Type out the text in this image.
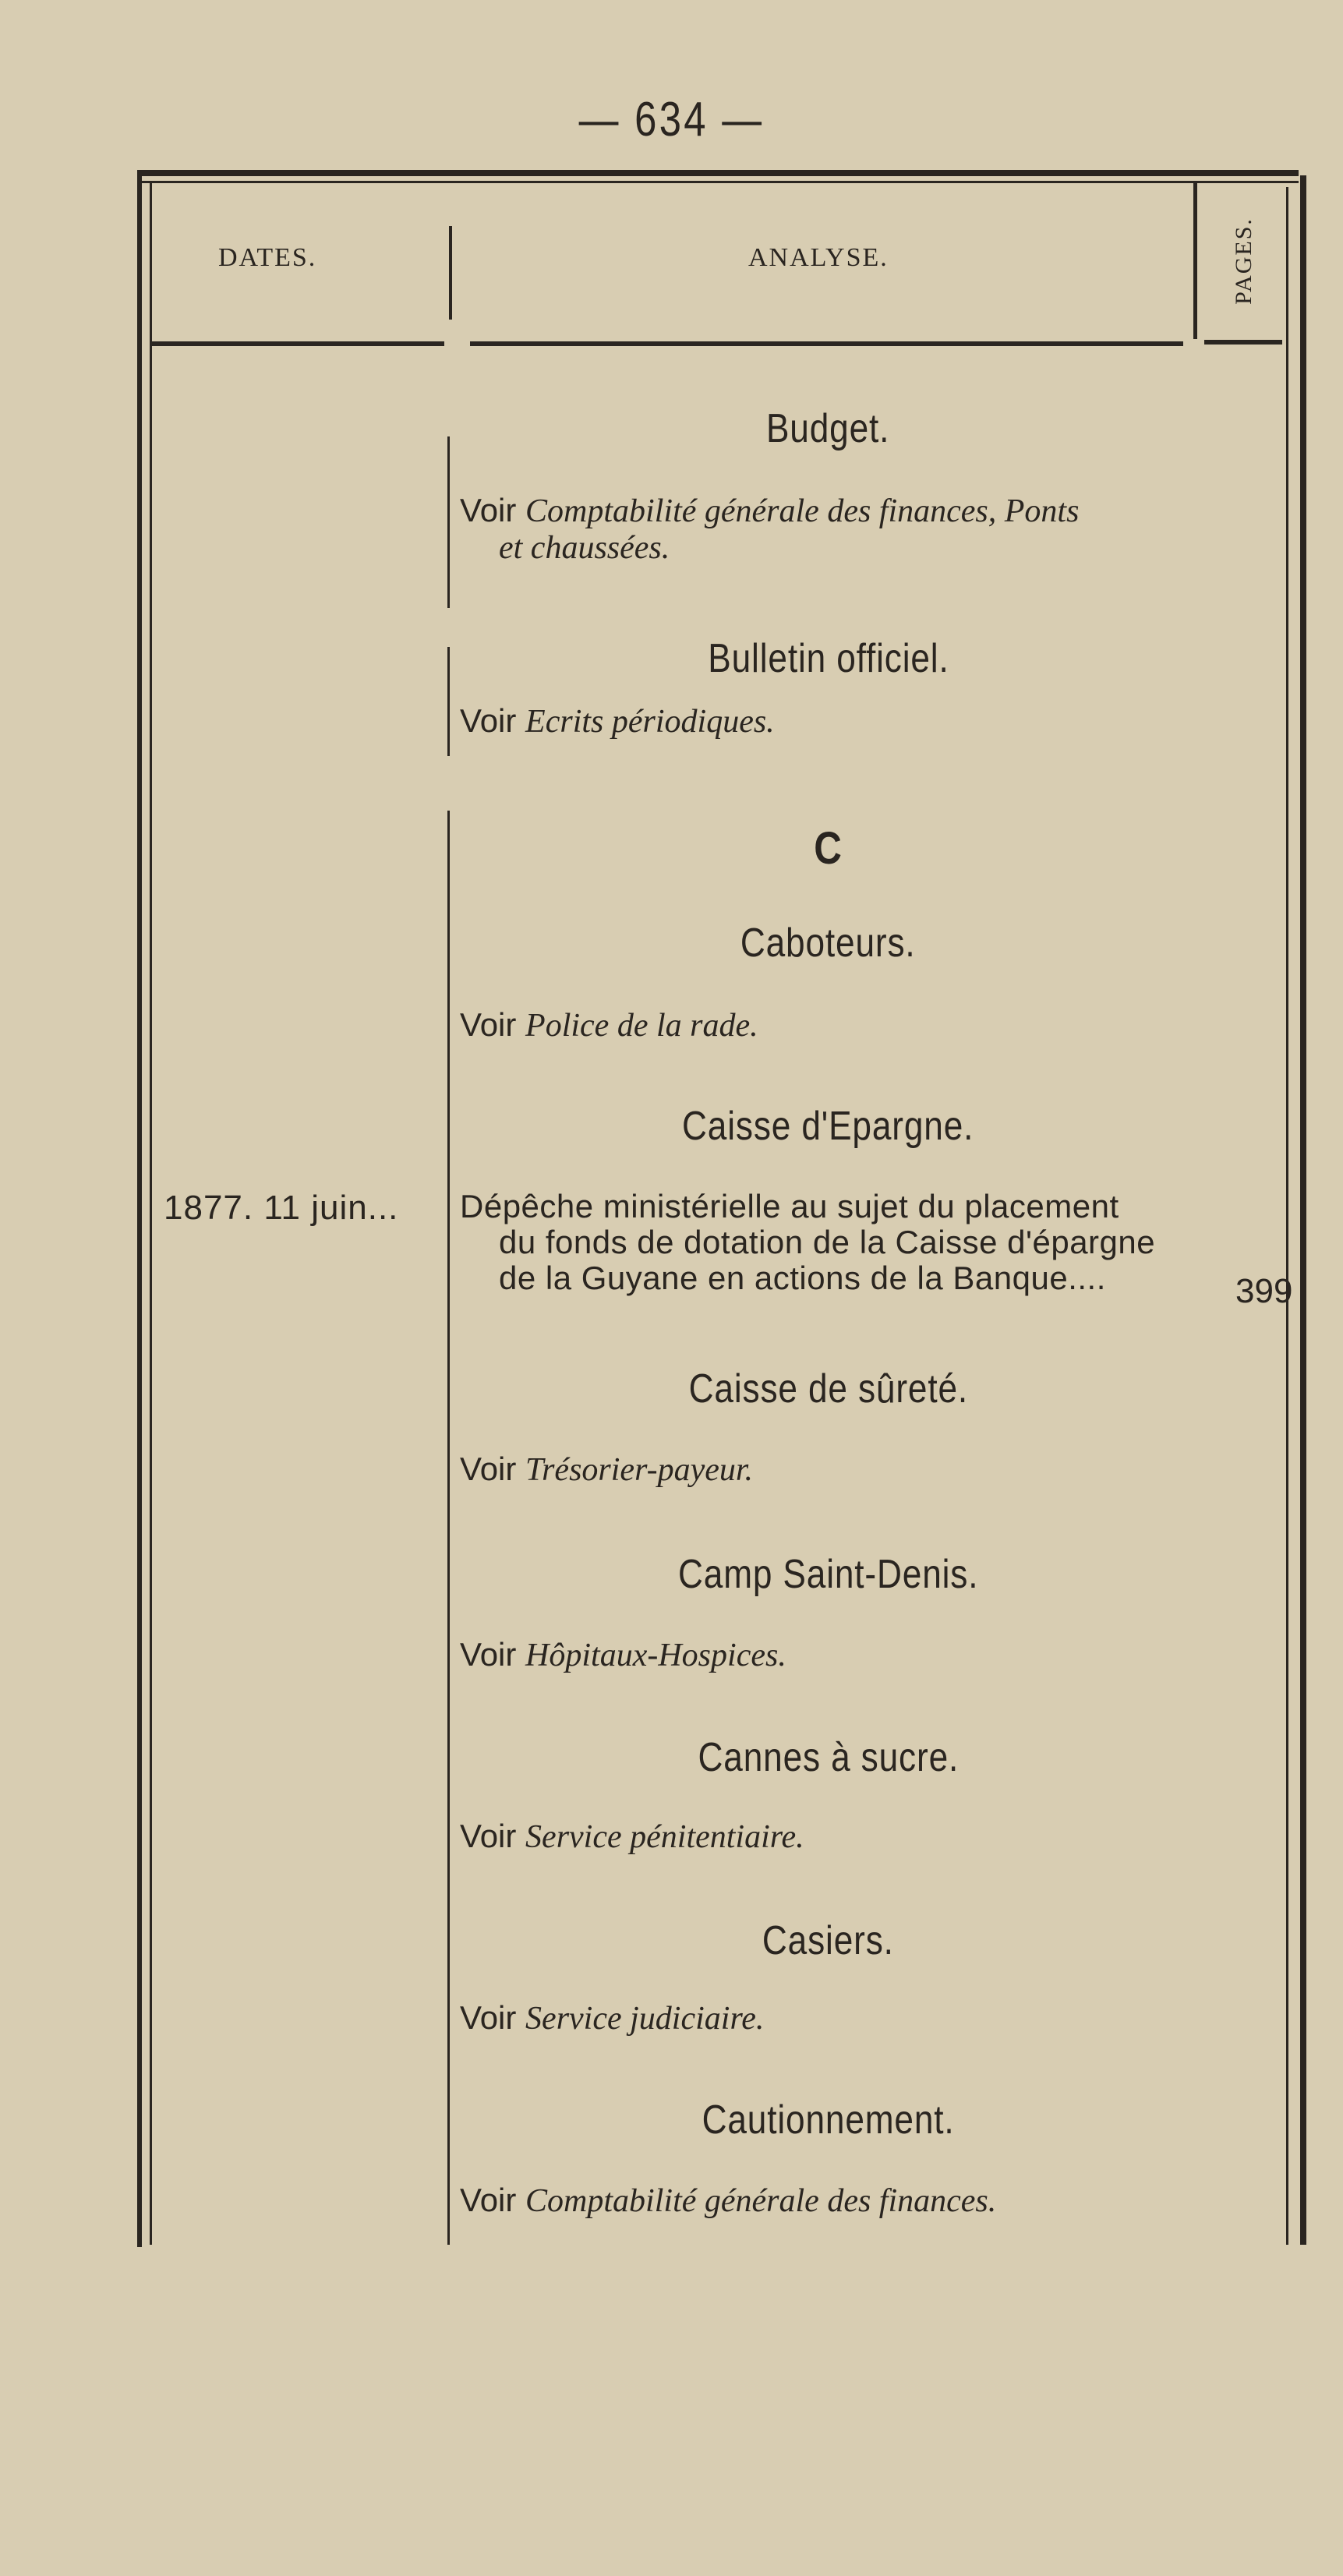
— 634 —
DATES.	ANALYSE.	PAGES.
Budget.
Voir Comptabilité générale des finances, Ponts
et chaussées.
Bulletin officiel.
Voir Ecrits périodiques.
C
Caboteurs.
Voir Police de la rade.
Caisse d'Epargne.
1877. 11 juin... Dépêche ministérielle au sujet du placement
du fonds de dotation de la Caisse d'épargne
de la Guyane en actions de la Banque....	399
Caisse de sûreté.
Voir Trésorier-payeur.
Camp Saint-Denis.
Voir Hôpitaux-Hospices.
Cannes à sucre.
Voir Service pénitentiaire.
Casiers.
Voir Service judiciaire.
Cautionnement.
Voir Comptabilité générale des finances.
